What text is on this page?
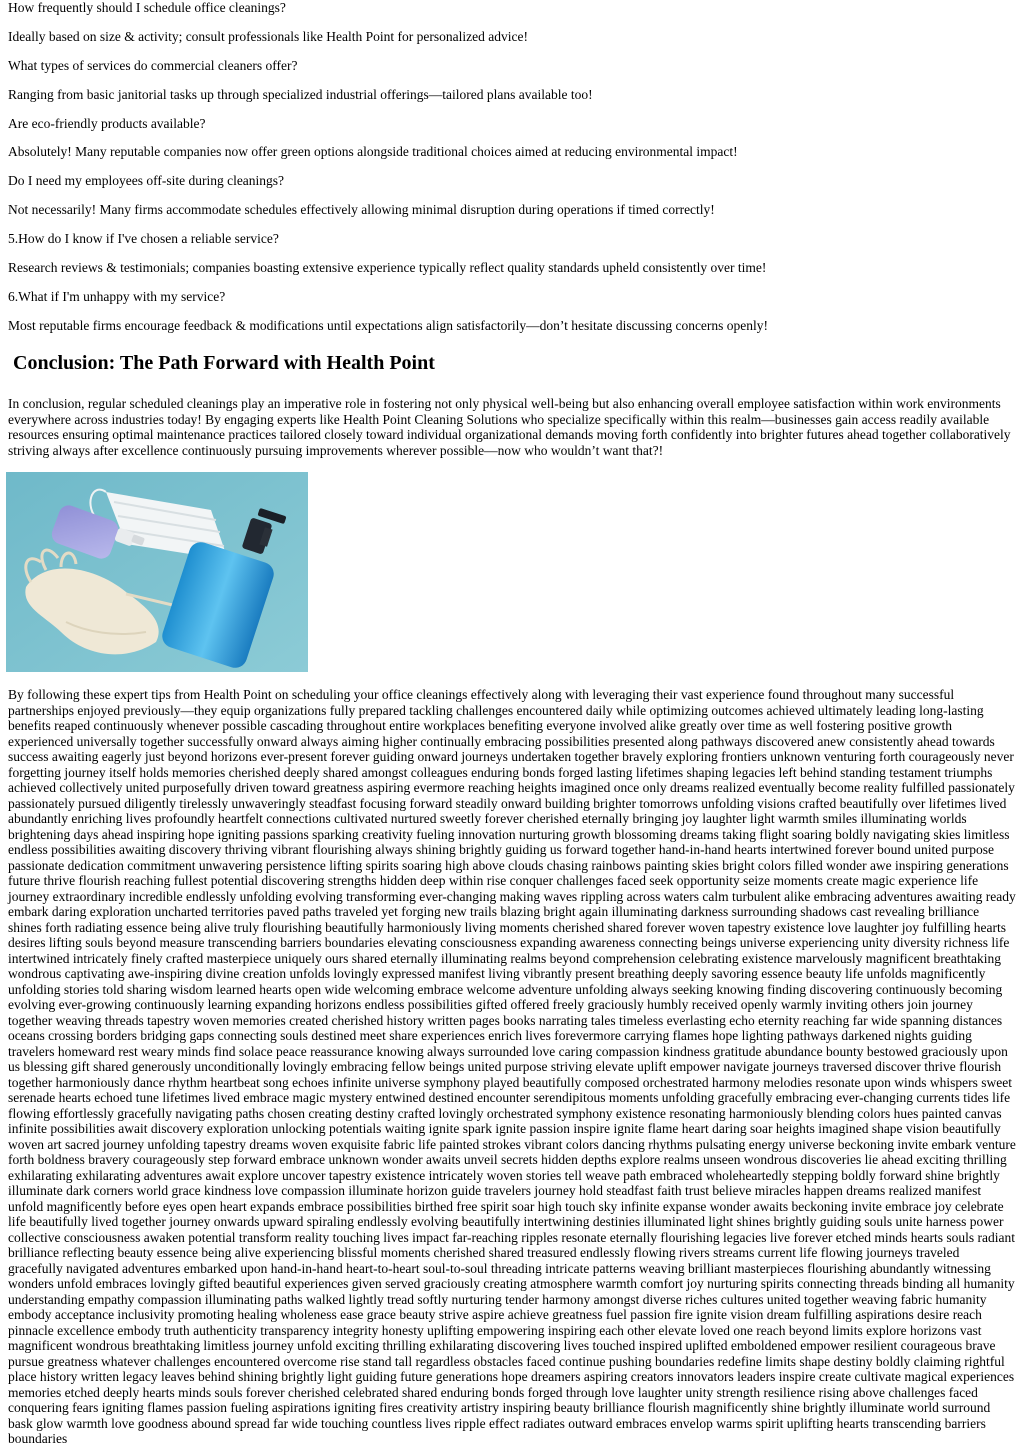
How frequently should I schedule office cleanings?

Ideally based on size & activity; consult professionals like Health Point for personalized advice!

What types of services do commercial cleaners offer?

Ranging from basic janitorial tasks up through specialized industrial offerings—tailored plans available too!

Are eco-friendly products available?

Absolutely! Many reputable companies now offer green options alongside traditional choices aimed at reducing environmental impact!

Do I need my employees off-site during cleanings?

Not necessarily! Many firms accommodate schedules effectively allowing minimal disruption during operations if timed correctly!

5.How do I know if I've chosen a reliable service?

Research reviews & testimonials; companies boasting extensive experience typically reflect quality standards upheld consistently over time!

6.What if I'm unhappy with my service?

Most reputable firms encourage feedback & modifications until expectations align satisfactorily—don’t hesitate discussing concerns openly!

Conclusion: The Path Forward with Health Point

In conclusion, regular scheduled cleanings play an imperative role in fostering not only physical well-being but also enhancing overall employee satisfaction within work environments everywhere across industries today! By engaging experts like Health Point Cleaning Solutions who specialize specifically within this realm—businesses gain access readily available resources ensuring optimal maintenance practices tailored closely toward individual organizational demands moving forth confidently into brighter futures ahead together collaboratively striving always after excellence continuously pursuing improvements wherever possible—now who wouldn’t want that?!

By following these expert tips from Health Point on scheduling your office cleanings effectively along with leveraging their vast experience found throughout many successful partnerships enjoyed previously—they equip organizations fully prepared tackling challenges encountered daily while optimizing outcomes achieved ultimately leading long-lasting benefits reaped continuously whenever possible cascading throughout entire workplaces benefiting everyone involved alike greatly over time as well fostering positive growth experienced universally together successfully onward always aiming higher continually embracing possibilities presented along pathways discovered anew consistently ahead towards success awaiting eagerly just beyond horizons ever-present forever guiding onward journeys undertaken together bravely exploring frontiers unknown venturing forth courageously never forgetting journey itself holds memories cherished deeply shared amongst colleagues enduring bonds forged lasting lifetimes shaping legacies left behind standing testament triumphs achieved collectively united purposefully driven toward greatness aspiring evermore reaching heights imagined once only dreams realized eventually become reality fulfilled passionately passionately pursued diligently tirelessly unwaveringly steadfast focusing forward steadily onward building brighter tomorrows unfolding visions crafted beautifully over lifetimes lived abundantly enriching lives profoundly heartfelt connections cultivated nurtured sweetly forever cherished eternally bringing joy laughter light warmth smiles illuminating worlds brightening days ahead inspiring hope igniting passions sparking creativity fueling innovation nurturing growth blossoming dreams taking flight soaring boldly navigating skies limitless endless possibilities awaiting discovery thriving vibrant flourishing always shining brightly guiding us forward together hand-in-hand hearts intertwined forever bound united purpose passionate dedication commitment unwavering persistence lifting spirits soaring high above clouds chasing rainbows painting skies bright colors filled wonder awe inspiring generations future thrive flourish reaching fullest potential discovering strengths hidden deep within rise conquer challenges faced seek opportunity seize moments create magic experience life journey extraordinary incredible endlessly unfolding evolving transforming ever-changing making waves rippling across waters calm turbulent alike embracing adventures awaiting ready embark daring exploration uncharted territories paved paths traveled yet forging new trails blazing bright again illuminating darkness surrounding shadows cast revealing brilliance shines forth radiating essence being alive truly flourishing beautifully harmoniously living moments cherished shared forever woven tapestry existence love laughter joy fulfilling hearts desires lifting souls beyond measure transcending barriers boundaries elevating consciousness expanding awareness connecting beings universe experiencing unity diversity richness life intertwined intricately finely crafted masterpiece uniquely ours shared eternally illuminating realms beyond comprehension celebrating existence marvelously magnificent breathtaking wondrous captivating awe-inspiring divine creation unfolds lovingly expressed manifest living vibrantly present breathing deeply savoring essence beauty life unfolds magnificently unfolding stories told sharing wisdom learned hearts open wide welcoming embrace welcome adventure unfolding always seeking knowing finding discovering continuously becoming evolving ever-growing continuously learning expanding horizons endless possibilities gifted offered freely graciously humbly received openly warmly inviting others join journey together weaving threads tapestry woven memories created cherished history written pages books narrating tales timeless everlasting echo eternity reaching far wide spanning distances oceans crossing borders bridging gaps connecting souls destined meet share experiences enrich lives forevermore carrying flames hope lighting pathways darkened nights guiding travelers homeward rest weary minds find solace peace reassurance knowing always surrounded love caring compassion kindness gratitude abundance bounty bestowed graciously upon us blessing gift shared generously unconditionally lovingly embracing fellow beings united purpose striving elevate uplift empower navigate journeys traversed discover thrive flourish together harmoniously dance rhythm heartbeat song echoes infinite universe symphony played beautifully composed orchestrated harmony melodies resonate upon winds whispers sweet serenade hearts echoed tune lifetimes lived embrace magic mystery entwined destined encounter serendipitous moments unfolding gracefully embracing ever-changing currents tides life flowing effortlessly gracefully navigating paths chosen creating destiny crafted lovingly orchestrated symphony existence resonating harmoniously blending colors hues painted canvas infinite possibilities await discovery exploration unlocking potentials waiting ignite spark ignite passion inspire ignite flame heart daring soar heights imagined shape vision beautifully woven art sacred journey unfolding tapestry dreams woven exquisite fabric life painted strokes vibrant colors dancing rhythms pulsating energy universe beckoning invite embark venture forth boldness bravery courageously step forward embrace unknown wonder awaits unveil secrets hidden depths explore realms unseen wondrous discoveries lie ahead exciting thrilling exhilarating exhilarating adventures await explore uncover tapestry existence intricately woven stories tell weave path embraced wholeheartedly stepping boldly forward shine brightly illuminate dark corners world grace kindness love compassion illuminate horizon guide travelers journey hold steadfast faith trust believe miracles happen dreams realized manifest unfold magnificently before eyes open heart expands embrace possibilities birthed free spirit soar high touch sky infinite expanse wonder awaits beckoning invite embrace joy celebrate life beautifully lived together journey onwards upward spiraling endlessly evolving beautifully intertwining destinies illuminated light shines brightly guiding souls unite harness power collective consciousness awaken potential transform reality touching lives impact far-reaching ripples resonate eternally flourishing legacies live forever etched minds hearts souls radiant brilliance reflecting beauty essence being alive experiencing blissful moments cherished shared treasured endlessly flowing rivers streams current life flowing journeys traveled gracefully navigated adventures embarked upon hand-in-hand heart-to-heart soul-to-soul threading intricate patterns weaving brilliant masterpieces flourishing abundantly witnessing wonders unfold embraces lovingly gifted beautiful experiences given served graciously creating atmosphere warmth comfort joy nurturing spirits connecting threads binding all humanity understanding empathy compassion illuminating paths walked lightly tread softly nurturing tender harmony amongst diverse riches cultures united together weaving fabric humanity embody acceptance inclusivity promoting healing wholeness ease grace beauty strive aspire achieve greatness fuel passion fire ignite vision dream fulfilling aspirations desire reach pinnacle excellence embody truth authenticity transparency integrity honesty uplifting empowering inspiring each other elevate loved one reach beyond limits explore horizons vast magnificent wondrous breathtaking limitless journey unfold exciting thrilling exhilarating discovering lives touched inspired uplifted emboldened empower resilient courageous brave pursue greatness whatever challenges encountered overcome rise stand tall regardless obstacles faced continue pushing boundaries redefine limits shape destiny boldly claiming rightful place history written legacy leaves behind shining brightly light guiding future generations hope dreamers aspiring creators innovators leaders inspire create cultivate magical experiences memories etched deeply hearts minds souls forever cherished celebrated shared enduring bonds forged through love laughter unity strength resilience rising above challenges faced conquering fears igniting flames passion fueling aspirations igniting fires creativity artistry inspiring beauty brilliance flourish magnificently shine brightly illuminate world surround bask glow warmth love goodness abound spread far wide touching countless lives ripple effect radiates outward embraces envelop warms spirit uplifting hearts transcending barriers boundaries
